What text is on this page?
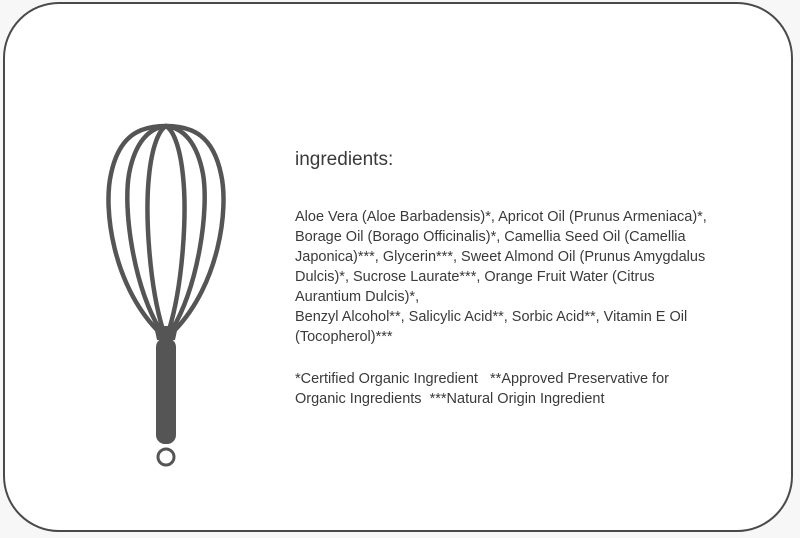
ingredients:

Aloe Vera (Aloe Barbadensis)*, Apricot Oil (Prunus Armeniaca)*,
Borage Oil (Borago Officinalis)*, Camellia Seed Oil (Camellia
Japonica)***, Glycerin***, Sweet Almond Oil (Prunus Amygdalus
Dulcis)*, Sucrose Laurate***, Orange Fruit Water (Citrus
Aurantium Dulcis)*,
Benzyl Alcohol**, Salicylic Acid**, Sorbic Acid**, Vitamin E Oil
(Tocopherol)***

*Certified Organic Ingredient   **Approved Preservative for
Organic Ingredients  ***Natural Origin Ingredient
